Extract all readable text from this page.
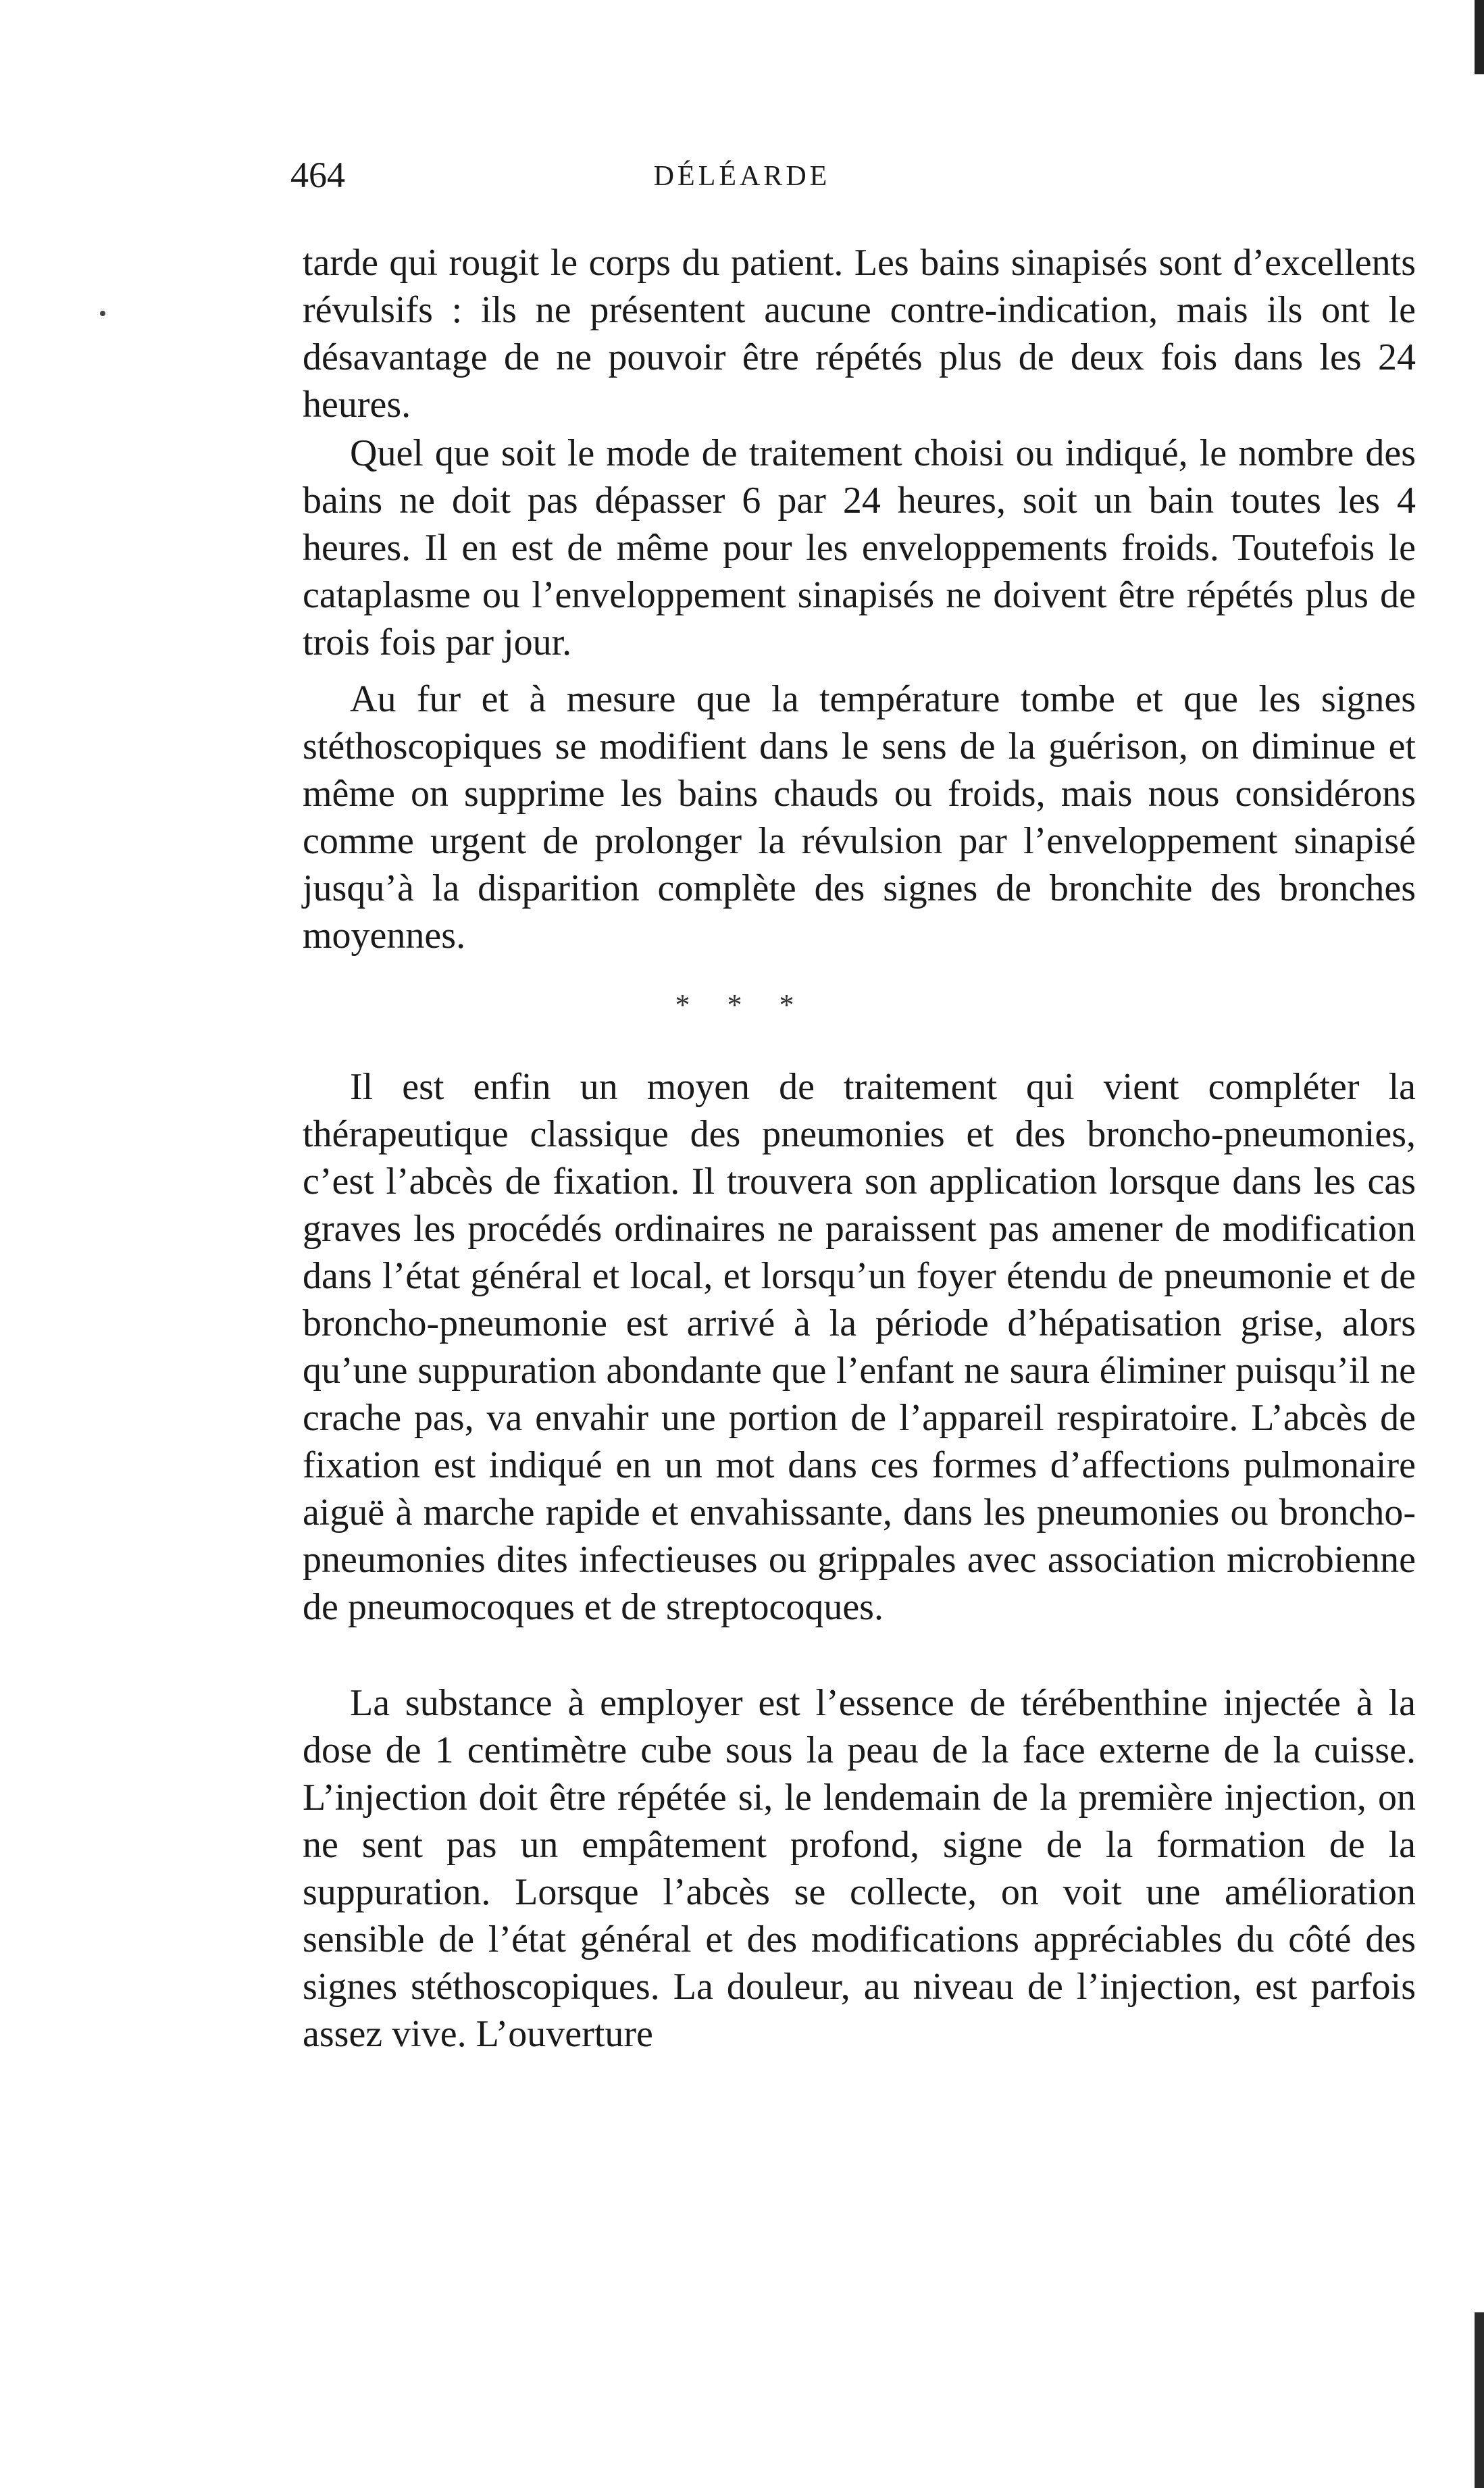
464	DÉLÉARDE

tarde qui rougit le corps du patient. Les bains sinapisés sont d’excellents révulsifs : ils ne présentent aucune contre-indication, mais ils ont le désavantage de ne pouvoir être répétés plus de deux fois dans les 24 heures.

Quel que soit le mode de traitement choisi ou indiqué, le nombre des bains ne doit pas dépasser 6 par 24 heures, soit un bain toutes les 4 heures. Il en est de même pour les enveloppements froids. Toutefois le cataplasme ou l’enveloppement sinapisés ne doivent être répétés plus de trois fois par jour.

Au fur et à mesure que la température tombe et que les signes stéthoscopiques se modifient dans le sens de la guérison, on diminue et même on supprime les bains chauds ou froids, mais nous considérons comme urgent de prolonger la révulsion par l’enveloppement sinapisé jusqu’à la disparition complète des signes de bronchite des bronches moyennes.

* * *

Il est enfin un moyen de traitement qui vient compléter la thérapeutique classique des pneumonies et des broncho-pneumonies, c’est l’abcès de fixation. Il trouvera son application lorsque dans les cas graves les procédés ordinaires ne paraissent pas amener de modification dans l’état général et local, et lorsqu’un foyer étendu de pneumonie et de broncho-pneumonie est arrivé à la période d’hépatisation grise, alors qu’une suppuration abondante que l’enfant ne saura éliminer puisqu’il ne crache pas, va envahir une portion de l’appareil respiratoire. L’abcès de fixation est indiqué en un mot dans ces formes d’affections pulmonaire aiguë à marche rapide et envahissante, dans les pneumonies ou broncho-pneumonies dites infectieuses ou grippales avec association microbienne de pneumocoques et de streptocoques.

La substance à employer est l’essence de térébenthine injectée à la dose de 1 centimètre cube sous la peau de la face externe de la cuisse. L’injection doit être répétée si, le lendemain de la première injection, on ne sent pas un empâtement profond, signe de la formation de la suppuration. Lorsque l’abcès se collecte, on voit une amélioration sensible de l’état général et des modifications appréciables du côté des signes stéthoscopiques. La douleur, au niveau de l’injection, est parfois assez vive. L’ouverture
